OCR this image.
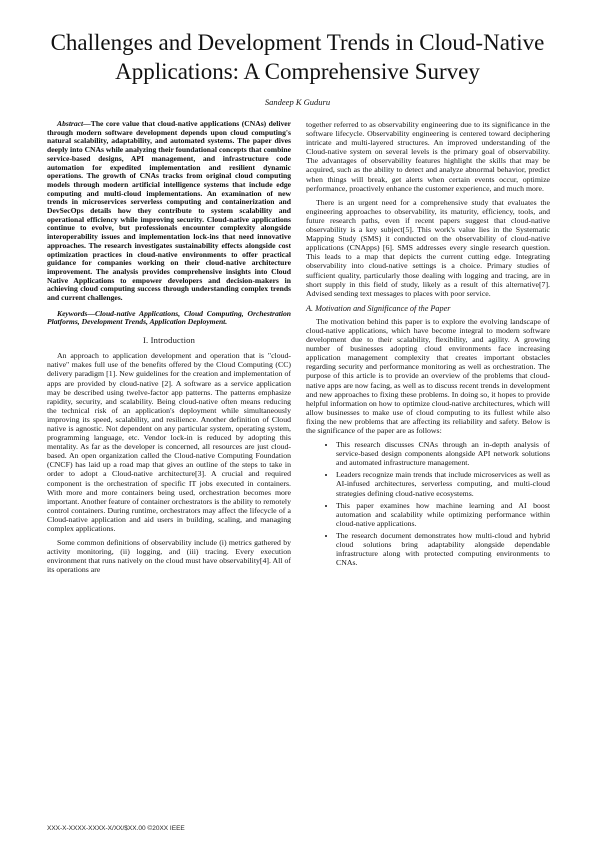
Challenges and Development Trends in Cloud-Native Applications: A Comprehensive Survey
Sandeep K Guduru

Abstract—The core value that cloud-native applications (CNAs) deliver through modern software development depends upon cloud computing's natural scalability, adaptability, and automated systems. The paper dives deeply into CNAs while analyzing their foundational concepts that combine service-based designs, API management, and infrastructure code automation for expedited implementation and resilient dynamic operations. The growth of CNAs tracks from original cloud computing models through modern artificial intelligence systems that include edge computing and multi-cloud implementations. An examination of new trends in microservices serverless computing and containerization and DevSecOps details how they contribute to system scalability and operational efficiency while improving security. Cloud-native applications continue to evolve, but professionals encounter complexity alongside interoperability issues and implementation lock-ins that need innovative approaches. The research investigates sustainability effects alongside cost optimization practices in cloud-native environments to offer practical guidance for companies working on their cloud-native architecture improvement. The analysis provides comprehensive insights into Cloud Native Applications to empower developers and decision-makers in achieving cloud computing success through understanding complex trends and current challenges.

Keywords—Cloud-native Applications, Cloud Computing, Orchestration Platforms, Development Trends, Application Deployment.

I. Introduction

An approach to application development and operation that is "cloud-native" makes full use of the benefits offered by the Cloud Computing (CC) delivery paradigm [1]. New guidelines for the creation and implementation of apps are provided by cloud-native [2]. A software as a service application may be described using twelve-factor app patterns. The patterns emphasize rapidity, security, and scalability. Being cloud-native often means reducing the technical risk of an application's deployment while simultaneously improving its speed, scalability, and resilience. Another definition of Cloud native is agnostic. Not dependent on any particular system, operating system, programming language, etc. Vendor lock-in is reduced by adopting this mentality. As far as the developer is concerned, all resources are just cloud-based. An open organization called the Cloud-native Computing Foundation (CNCF) has laid up a road map that gives an outline of the steps to take in order to adopt a Cloud-native architecture[3]. A crucial and required component is the orchestration of specific IT jobs executed in containers. With more and more containers being used, orchestration becomes more important. Another feature of container orchestrators is the ability to remotely control containers. During runtime, orchestrators may affect the lifecycle of a Cloud-native application and aid users in building, scaling, and managing complex applications.

Some common definitions of observability include (i) metrics gathered by activity monitoring, (ii) logging, and (iii) tracing. Every execution environment that runs natively on the cloud must have observability[4]. All of its operations are

together referred to as observability engineering due to its significance in the software lifecycle. Observability engineering is centered toward deciphering intricate and multi-layered structures. An improved understanding of the Cloud-native system on several levels is the primary goal of observability. The advantages of observability features highlight the skills that may be acquired, such as the ability to detect and analyze abnormal behavior, predict when things will break, get alerts when certain events occur, optimize performance, proactively enhance the customer experience, and much more.

There is an urgent need for a comprehensive study that evaluates the engineering approaches to observability, its maturity, efficiency, tools, and future research paths, even if recent papers suggest that cloud-native observability is a key subject[5]. This work's value lies in the Systematic Mapping Study (SMS) it conducted on the observability of cloud-native applications (CNApps) [6]. SMS addresses every single research question. This leads to a map that depicts the current cutting edge. Integrating observability into cloud-native settings is a choice. Primary studies of sufficient quality, particularly those dealing with logging and tracing, are in short supply in this field of study, likely as a result of this alternative[7]. Advised sending text messages to places with poor service.

A. Motivation and Significance of the Paper

The motivation behind this paper is to explore the evolving landscape of cloud-native applications, which have become integral to modern software development due to their scalability, flexibility, and agility. A growing number of businesses adopting cloud environments face increasing application management complexity that creates important obstacles regarding security and performance monitoring as well as orchestration. The purpose of this article is to provide an overview of the problems that cloud-native apps are now facing, as well as to discuss recent trends in development and new approaches to fixing these problems. In doing so, it hopes to provide helpful information on how to optimize cloud-native architectures, which will allow businesses to make use of cloud computing to its fullest while also fixing the new problems that are affecting its reliability and safety. Below is the significance of the paper are as follows:

• This research discusses CNAs through an in-depth analysis of service-based design components alongside API network solutions and automated infrastructure management.
• Leaders recognize main trends that include microservices as well as AI-infused architectures, serverless computing, and multi-cloud strategies defining cloud-native ecosystems.
• This paper examines how machine learning and AI boost automation and scalability while optimizing performance within cloud-native applications.
• The research document demonstrates how multi-cloud and hybrid cloud solutions bring adaptability alongside dependable infrastructure along with protected computing environments to CNAs.
XXX-X-XXXX-XXXX-X/XX/$XX.00 ©20XX IEEE
